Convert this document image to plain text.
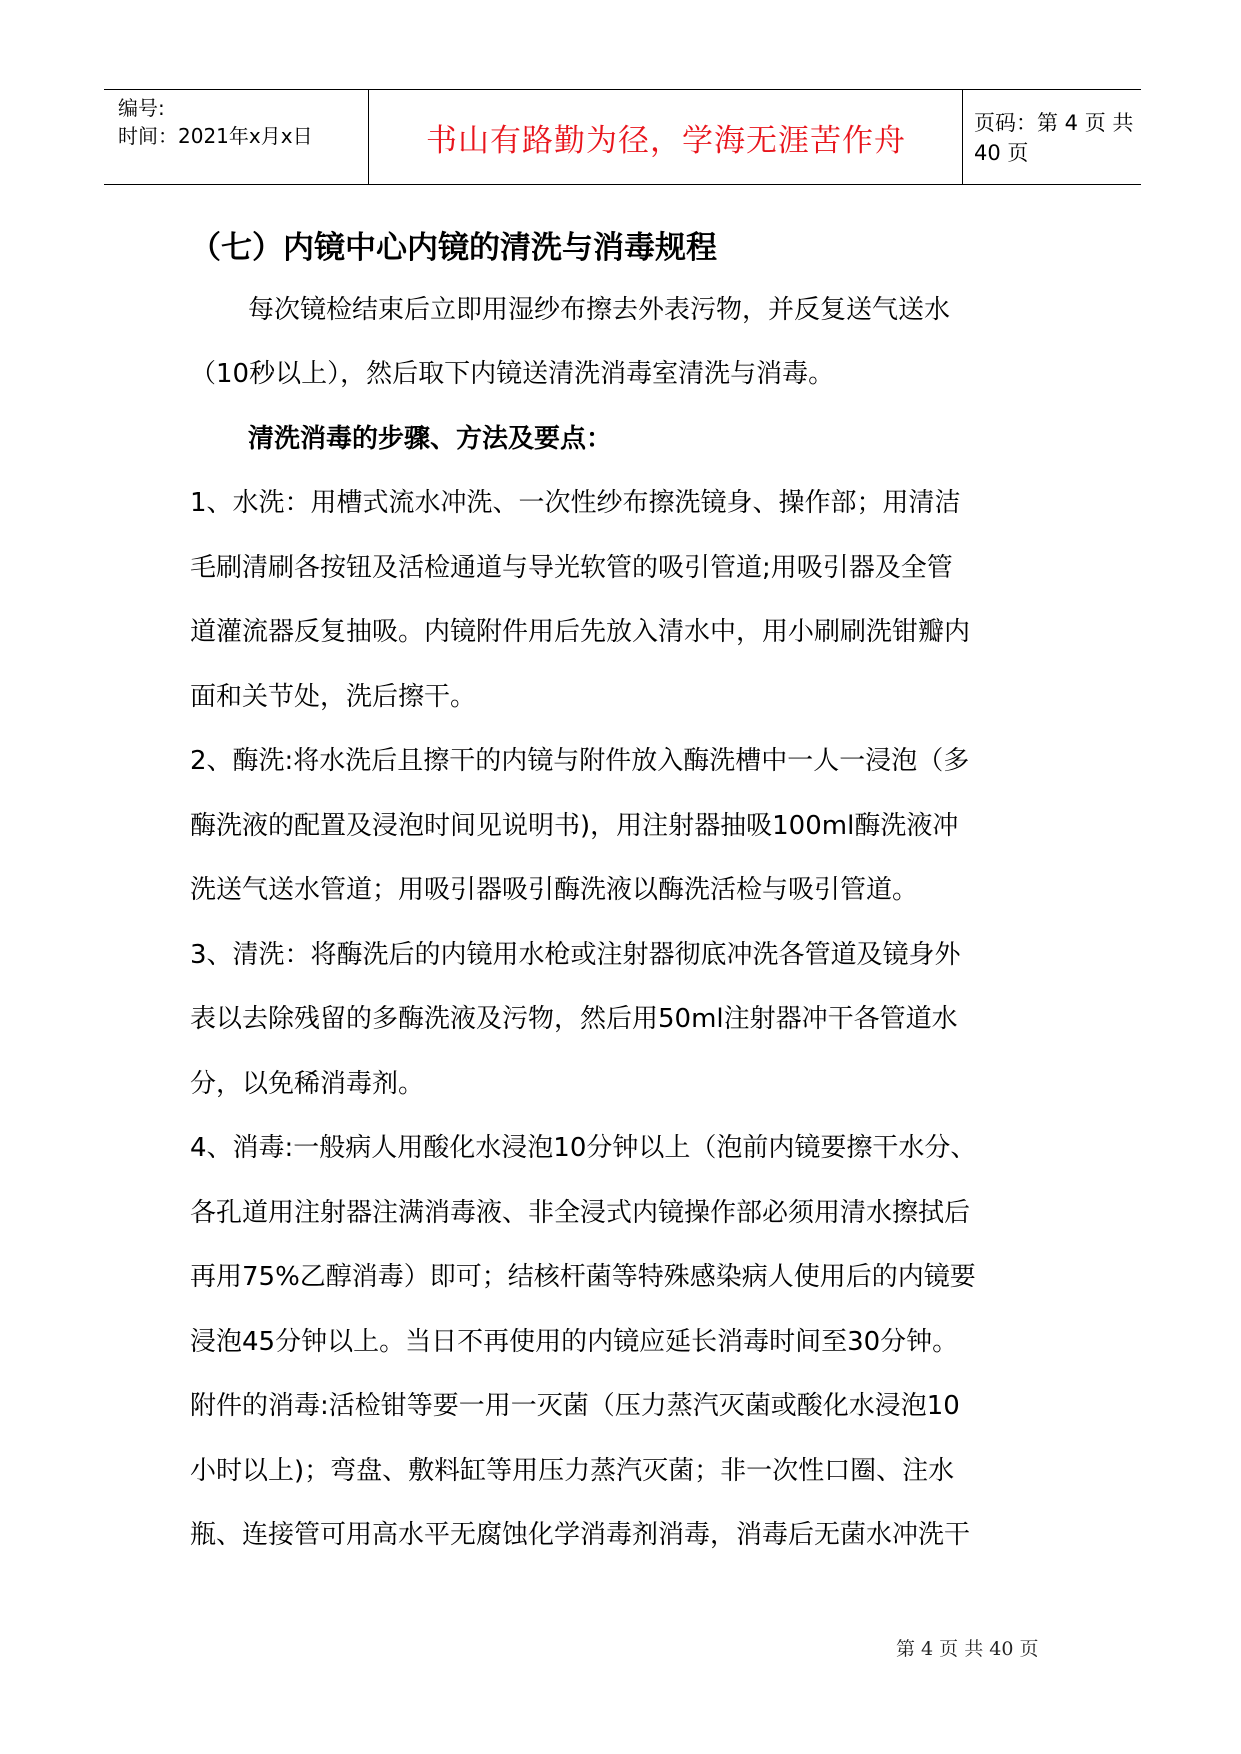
编号:
时间：2021年x月x日	书山有路勤为径，学海无涯苦作舟	页码：第 4 页 共 40 页
（七）内镜中心内镜的清洗与消毒规程
每次镜检结束后立即用湿纱布擦去外表污物，并反复送气送水
（10秒以上），然后取下内镜送清洗消毒室清洗与消毒。
清洗消毒的步骤、方法及要点：
1、水洗：用槽式流水冲洗、一次性纱布擦洗镜身、操作部；用清洁
毛刷清刷各按钮及活检通道与导光软管的吸引管道;用吸引器及全管
道灌流器反复抽吸。内镜附件用后先放入清水中，用小刷刷洗钳瓣内
面和关节处，洗后擦干。
2、酶洗:将水洗后且擦干的内镜与附件放入酶洗槽中一人一浸泡（多
酶洗液的配置及浸泡时间见说明书)，用注射器抽吸100ml酶洗液冲
洗送气送水管道；用吸引器吸引酶洗液以酶洗活检与吸引管道。
3、清洗：将酶洗后的内镜用水枪或注射器彻底冲洗各管道及镜身外
表以去除残留的多酶洗液及污物，然后用50ml注射器冲干各管道水
分，以免稀消毒剂。
4、消毒:一般病人用酸化水浸泡10分钟以上（泡前内镜要擦干水分、
各孔道用注射器注满消毒液、非全浸式内镜操作部必须用清水擦拭后
再用75%乙醇消毒）即可；结核杆菌等特殊感染病人使用后的内镜要
浸泡45分钟以上。当日不再使用的内镜应延长消毒时间至30分钟。
附件的消毒:活检钳等要一用一灭菌（压力蒸汽灭菌或酸化水浸泡10
小时以上)；弯盘、敷料缸等用压力蒸汽灭菌；非一次性口圈、注水
瓶、连接管可用高水平无腐蚀化学消毒剂消毒，消毒后无菌水冲洗干
第 4 页 共 40 页
